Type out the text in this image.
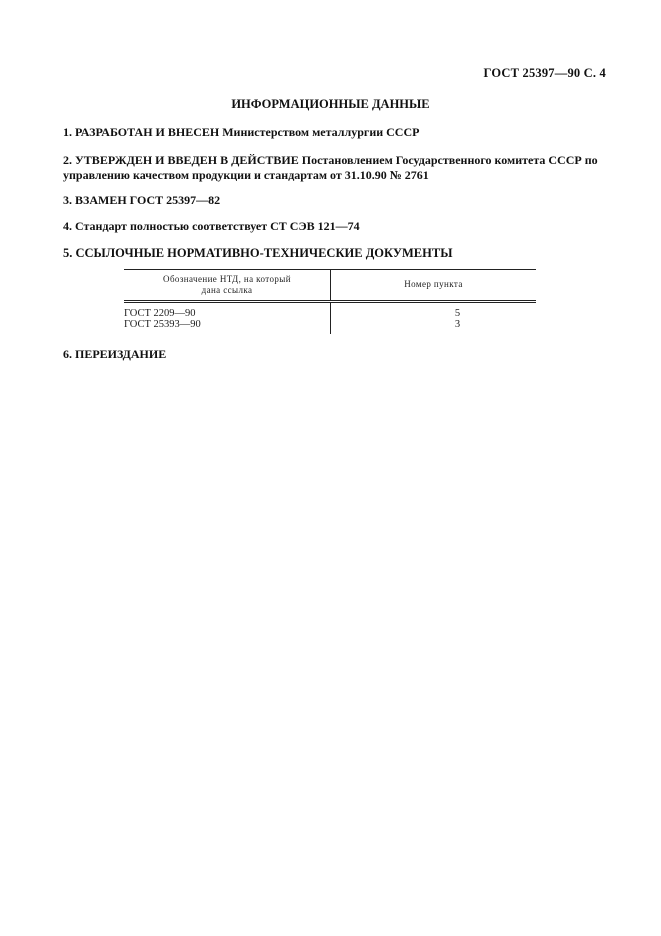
ГОСТ 25397—90 С. 4
ИНФОРМАЦИОННЫЕ ДАННЫЕ
1. РАЗРАБОТАН И ВНЕСЕН Министерством металлургии СССР
2. УТВЕРЖДЕН И ВВЕДЕН В ДЕЙСТВИЕ Постановлением Государственного комитета СССР по
управлению качеством продукции и стандартам от 31.10.90 № 2761
3. ВЗАМЕН ГОСТ 25397—82
4. Стандарт полностью соответствует СТ СЭВ 121—74
5. ССЫЛОЧНЫЕ НОРМАТИВНО-ТЕХНИЧЕСКИЕ ДОКУМЕНТЫ
Обозначение НТД, на который
дана ссылка
Номер пункта
ГОСТ 2209—90	5
ГОСТ 25393—90	3
6. ПЕРЕИЗДАНИЕ
